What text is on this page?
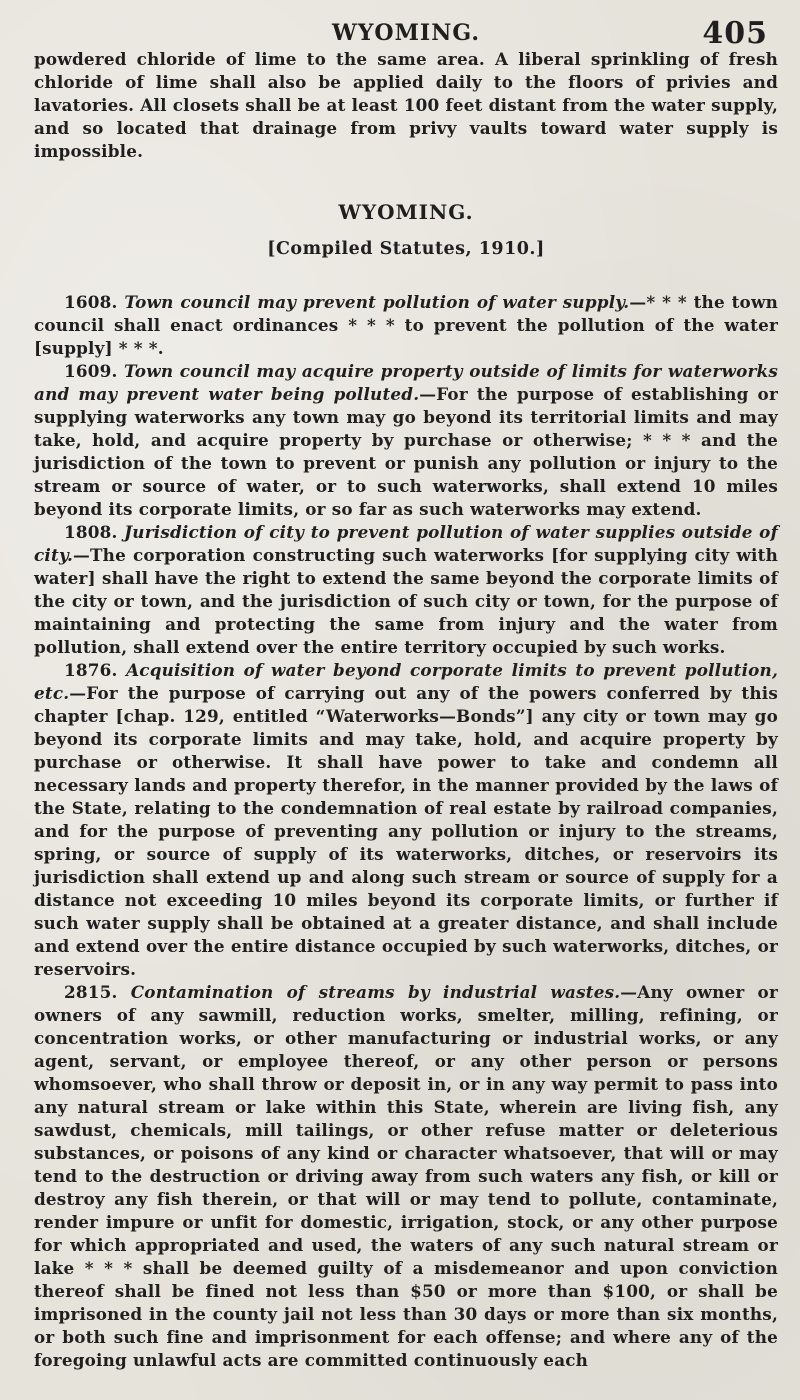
WYOMING.	405

powdered chloride of lime to the same area. A liberal sprinkling of fresh chloride of lime shall also be applied daily to the floors of privies and lavatories. All closets shall be at least 100 feet distant from the water supply, and so located that drainage from privy vaults toward water supply is impossible.

WYOMING.
[Compiled Statutes, 1910.]

1608. Town council may prevent pollution of water supply.—* * * the town council shall enact ordinances * * * to prevent the pollution of the water [supply] * * *.

1609. Town council may acquire property outside of limits for waterworks and may prevent water being polluted.—For the purpose of establishing or supplying waterworks any town may go beyond its territorial limits and may take, hold, and acquire property by purchase or otherwise; * * * and the jurisdiction of the town to prevent or punish any pollution or injury to the stream or source of water, or to such waterworks, shall extend 10 miles beyond its corporate limits, or so far as such waterworks may extend.

1808. Jurisdiction of city to prevent pollution of water supplies outside of city.—The corporation constructing such waterworks [for supplying city with water] shall have the right to extend the same beyond the corporate limits of the city or town, and the jurisdiction of such city or town, for the purpose of maintaining and protecting the same from injury and the water from pollution, shall extend over the entire territory occupied by such works.

1876. Acquisition of water beyond corporate limits to prevent pollution, etc.—For the purpose of carrying out any of the powers conferred by this chapter [chap. 129, entitled “Waterworks—Bonds”] any city or town may go beyond its corporate limits and may take, hold, and acquire property by purchase or otherwise. It shall have power to take and condemn all necessary lands and property therefor, in the manner provided by the laws of the State, relating to the condemnation of real estate by railroad companies, and for the purpose of preventing any pollution or injury to the streams, spring, or source of supply of its waterworks, ditches, or reservoirs its jurisdiction shall extend up and along such stream or source of supply for a distance not exceeding 10 miles beyond its corporate limits, or further if such water supply shall be obtained at a greater distance, and shall include and extend over the entire distance occupied by such waterworks, ditches, or reservoirs.

2815. Contamination of streams by industrial wastes.—Any owner or owners of any sawmill, reduction works, smelter, milling, refining, or concentration works, or other manufacturing or industrial works, or any agent, servant, or employee thereof, or any other person or persons whomsoever, who shall throw or deposit in, or in any way permit to pass into any natural stream or lake within this State, wherein are living fish, any sawdust, chemicals, mill tailings, or other refuse matter or deleterious substances, or poisons of any kind or character whatsoever, that will or may tend to the destruction or driving away from such waters any fish, or kill or destroy any fish therein, or that will or may tend to pollute, contaminate, render impure or unfit for domestic, irrigation, stock, or any other purpose for which appropriated and used, the waters of any such natural stream or lake * * * shall be deemed guilty of a misdemeanor and upon conviction thereof shall be fined not less than $50 or more than $100, or shall be imprisoned in the county jail not less than 30 days or more than six months, or both such fine and imprisonment for each offense; and where any of the foregoing unlawful acts are committed continuously each
